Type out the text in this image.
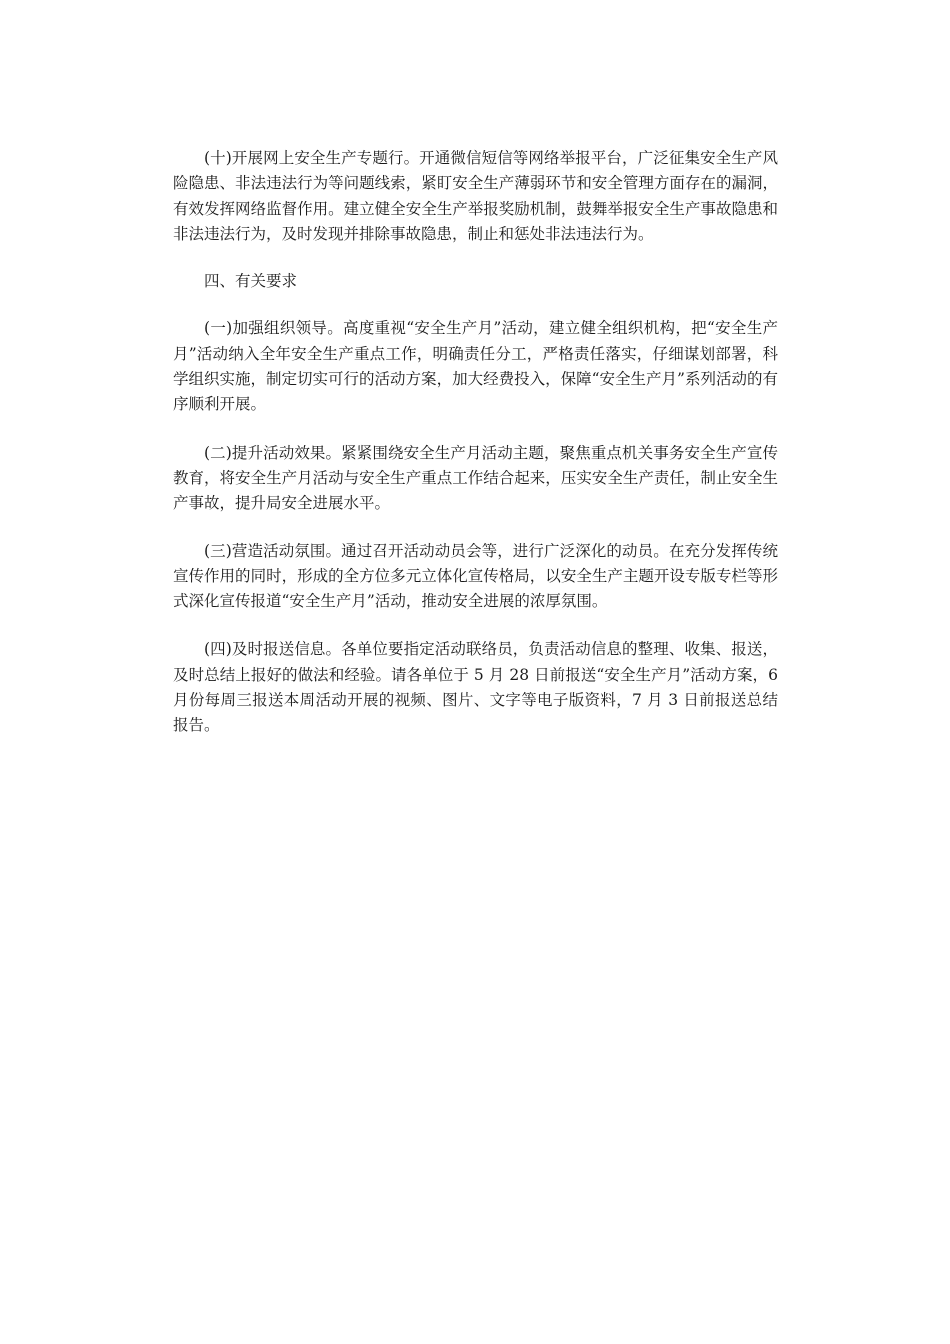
(十)开展网上安全生产专题行。开通微信短信等网络举报平台，广泛征集安全生产风险隐患、非法违法行为等问题线索，紧盯安全生产薄弱环节和安全管理方面存在的漏洞，有效发挥网络监督作用。建立健全安全生产举报奖励机制，鼓舞举报安全生产事故隐患和非法违法行为，及时发现并排除事故隐患，制止和惩处非法违法行为。

四、有关要求

(一)加强组织领导。高度重视“安全生产月”活动，建立健全组织机构，把“安全生产月”活动纳入全年安全生产重点工作，明确责任分工，严格责任落实，仔细谋划部署，科学组织实施，制定切实可行的活动方案，加大经费投入，保障“安全生产月”系列活动的有序顺利开展。

(二)提升活动效果。紧紧围绕安全生产月活动主题，聚焦重点机关事务安全生产宣传教育，将安全生产月活动与安全生产重点工作结合起来，压实安全生产责任，制止安全生产事故，提升局安全进展水平。

(三)营造活动氛围。通过召开活动动员会等，进行广泛深化的动员。在充分发挥传统宣传作用的同时，形成的全方位多元立体化宣传格局，以安全生产主题开设专版专栏等形式深化宣传报道“安全生产月”活动，推动安全进展的浓厚氛围。

(四)及时报送信息。各单位要指定活动联络员，负责活动信息的整理、收集、报送，及时总结上报好的做法和经验。请各单位于 5 月 28 日前报送“安全生产月”活动方案，6 月份每周三报送本周活动开展的视频、图片、文字等电子版资料，7 月 3 日前报送总结报告。
